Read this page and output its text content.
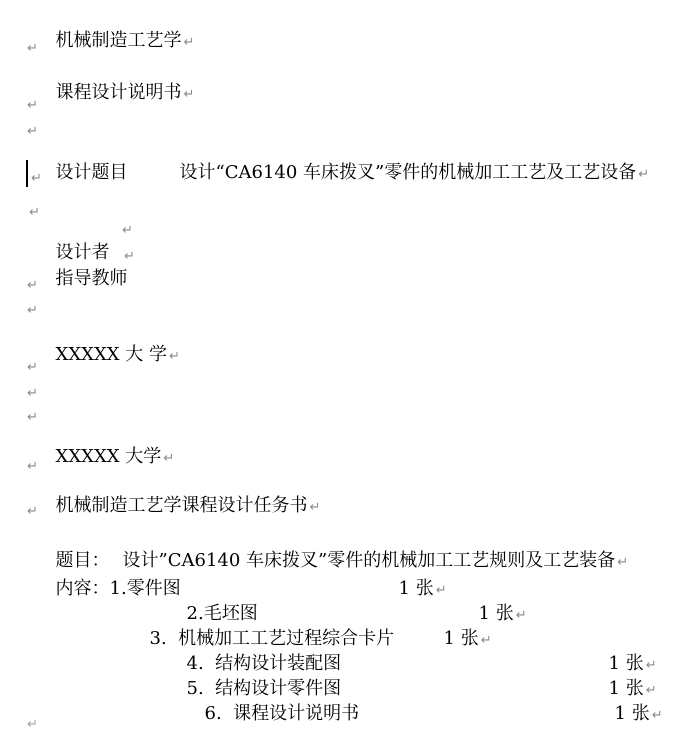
机械制造工艺学 ↵

↵

课程设计说明书 ↵

↵
↵

设计题目
	设计“CA6140 车床拨叉”零件的机械加工工艺及工艺设备 ↵

↵
↵

设计者

↵

指导教师

↵
↵
↵

XXXXX 大 学 ↵

↵
↵
↵

XXXXX 大学 ↵

↵

机械制造工艺学课程设计任务书 ↵

↵

题目：
设计”CA6140 车床拨叉”零件的机械加工工艺规则及工艺装备 ↵

内容：1.零件图
	1 张 ↵

2.毛坯图
	1 张 ↵

3.  机械加工工艺过程综合卡片
	1 张 ↵

4.  结构设计装配图
	1 张 ↵

5.  结构设计零件图
	1 张 ↵

6.  课程设计说明书
	1 张 ↵

↵
